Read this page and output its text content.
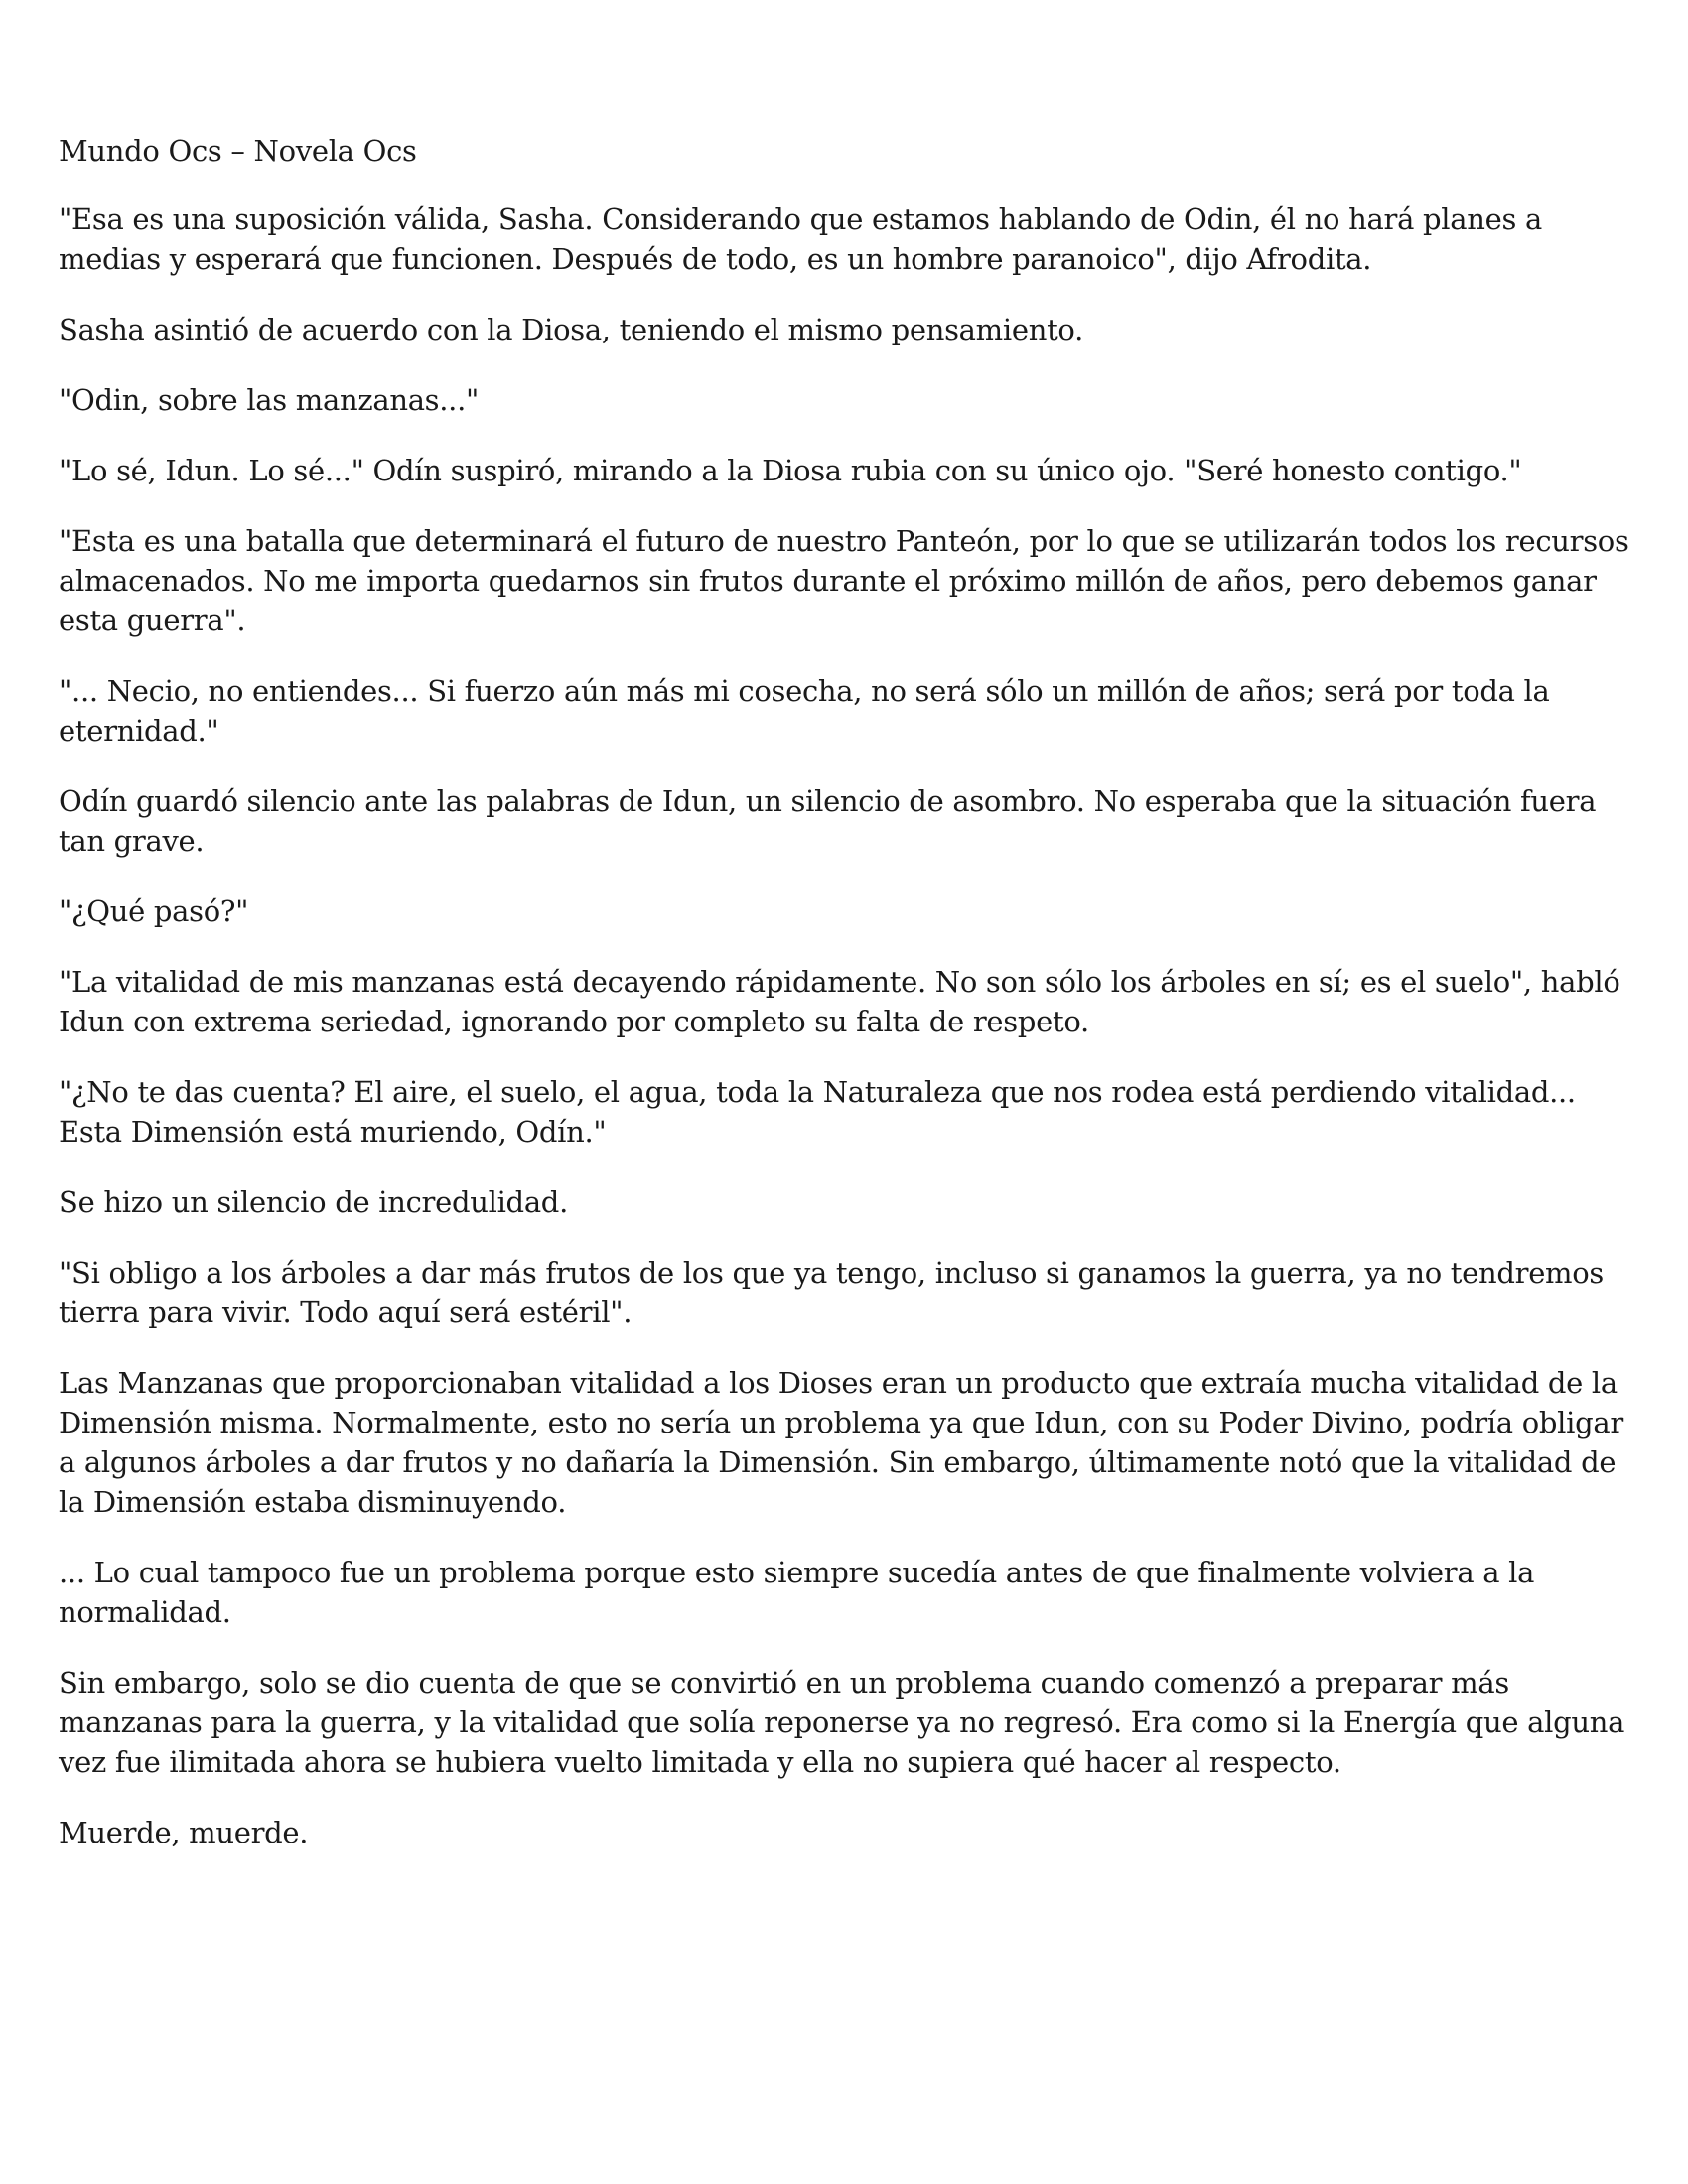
Mundo Ocs – Novela Ocs

"Esa es una suposición válida, Sasha. Considerando que estamos hablando de Odin, él no hará planes a medias y esperará que funcionen. Después de todo, es un hombre paranoico", dijo Afrodita.

Sasha asintió de acuerdo con la Diosa, teniendo el mismo pensamiento.

"Odin, sobre las manzanas..."

"Lo sé, Idun. Lo sé..." Odín suspiró, mirando a la Diosa rubia con su único ojo. "Seré honesto contigo."

"Esta es una batalla que determinará el futuro de nuestro Panteón, por lo que se utilizarán todos los recursos almacenados. No me importa quedarnos sin frutos durante el próximo millón de años, pero debemos ganar esta guerra".

"... Necio, no entiendes... Si fuerzo aún más mi cosecha, no será sólo un millón de años; será por toda la eternidad."

Odín guardó silencio ante las palabras de Idun, un silencio de asombro. No esperaba que la situación fuera tan grave.

"¿Qué pasó?"

"La vitalidad de mis manzanas está decayendo rápidamente. No son sólo los árboles en sí; es el suelo", habló Idun con extrema seriedad, ignorando por completo su falta de respeto.

"¿No te das cuenta? El aire, el suelo, el agua, toda la Naturaleza que nos rodea está perdiendo vitalidad... Esta Dimensión está muriendo, Odín."

Se hizo un silencio de incredulidad.

"Si obligo a los árboles a dar más frutos de los que ya tengo, incluso si ganamos la guerra, ya no tendremos tierra para vivir. Todo aquí será estéril".

Las Manzanas que proporcionaban vitalidad a los Dioses eran un producto que extraía mucha vitalidad de la Dimensión misma. Normalmente, esto no sería un problema ya que Idun, con su Poder Divino, podría obligar a algunos árboles a dar frutos y no dañaría la Dimensión. Sin embargo, últimamente notó que la vitalidad de la Dimensión estaba disminuyendo.

... Lo cual tampoco fue un problema porque esto siempre sucedía antes de que finalmente volviera a la normalidad.

Sin embargo, solo se dio cuenta de que se convirtió en un problema cuando comenzó a preparar más manzanas para la guerra, y la vitalidad que solía reponerse ya no regresó. Era como si la Energía que alguna vez fue ilimitada ahora se hubiera vuelto limitada y ella no supiera qué hacer al respecto.

Muerde, muerde.
